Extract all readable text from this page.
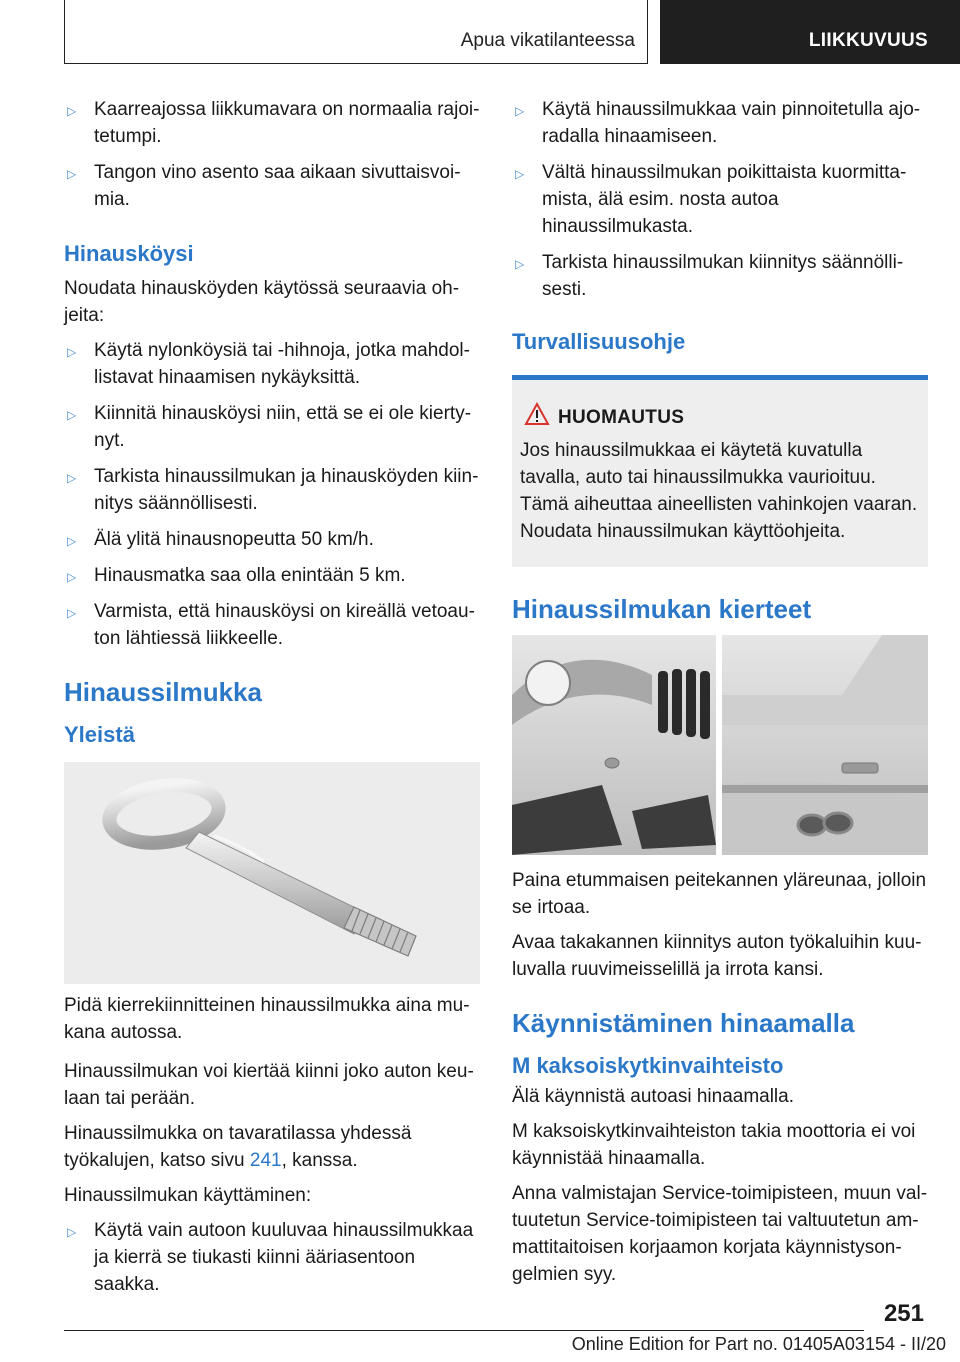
Apua vikatilanteessa	LIIKKUVUUS
▷ Kaarreajossa liikkumavara on normaalia rajoitetumpi.
▷ Tangon vino asento saa aikaan sivuttaisvoimia.
Hinausköysi

Noudata hinausköyden käytössä seuraavia ohjeita:

▷ Käytä nylonköysiä tai -hihnoja, jotka mahdollistavat hinaamisen nykäyksittä.
▷ Kiinnitä hinausköysi niin, että se ei ole kiertynyt.
▷ Tarkista hinaussilmukan ja hinausköyden kiinnitys säännöllisesti.
▷ Älä ylitä hinausnopeutta 50 km/h.
▷ Hinausmatka saa olla enintään 5 km.
▷ Varmista, että hinausköysi on kireällä vetoauton lähtiessä liikkeelle.
Hinaussilmukka
Yleistä

Pidä kierrekiinnitteinen hinaussilmukka aina mukana autossa.

Hinaussilmukan voi kiertää kiinni joko auton keulaan tai perään.

Hinaussilmukka on tavaratilassa yhdessä työkalujen, katso sivu 241, kanssa.

Hinaussilmukan käyttäminen:

▷ Käytä vain autoon kuuluvaa hinaussilmukkaa ja kierrä se tiukasti kiinni ääriasentoon saakka.
▷ Käytä hinaussilmukkaa vain pinnoitetulla ajoradalla hinaamiseen.
▷ Vältä hinaussilmukan poikittaista kuormittamista, älä esim. nosta autoa hinaussilmukasta.
▷ Tarkista hinaussilmukan kiinnitys säännöllisesti.
Turvallisuusohje
HUOMAUTUS

Jos hinaussilmukkaa ei käytetä kuvatulla tavalla, auto tai hinaussilmukka vaurioituu. Tämä aiheuttaa aineellisten vahinkojen vaaran. Noudata hinaussilmukan käyttöohjeita.

Hinaussilmukan kierteet

Paina etummaisen peitekannen yläreunaa, jolloin se irtoaa.

Avaa takakannen kiinnitys auton työkaluihin kuuluvalla ruuvimeisselillä ja irrota kansi.

Käynnistäminen hinaamalla
M kaksoiskytkinvaihteisto

Älä käynnistä autoasi hinaamalla.

M kaksoiskytkinvaihteiston takia moottoria ei voi käynnistää hinaamalla.

Anna valmistajan Service-toimipisteen, muun valtuutetun Service-toimipisteen tai valtuutetun ammattitaitoisen korjaamon korjata käynnistysongelmien syy.

251
Online Edition for Part no. 01405A03154 - II/20
